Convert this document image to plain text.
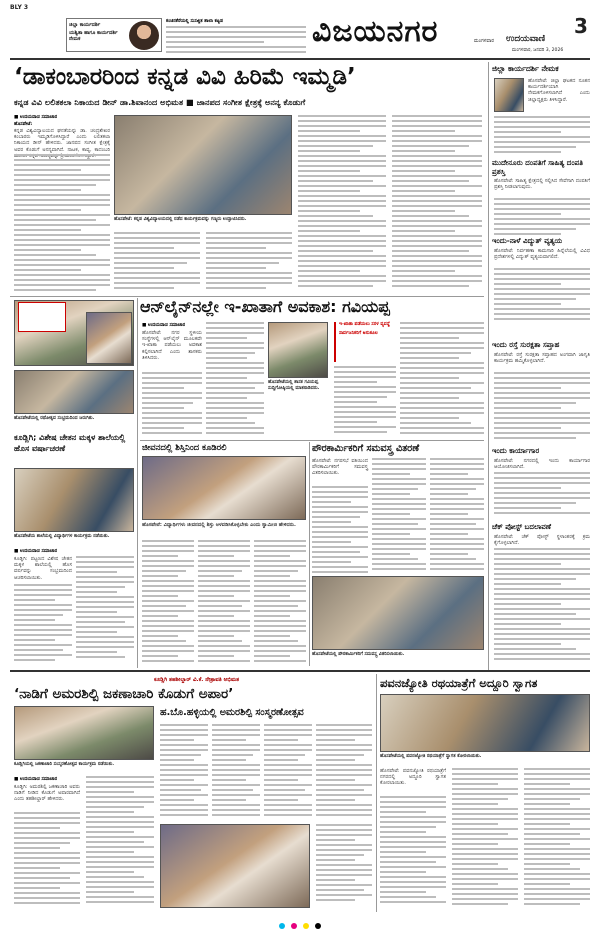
BLY 3
ಜಿಲ್ಲಾ ಕಾರ್ಯದರ್ಶಿ
ಯಶ್ವಿತಾ ಹಾಗೂ ಕಾರ್ಯದರ್ಶಿ ನೇಮಕ
ಕಂಚಿನಕೆರೆಯಲ್ಲಿ ಸುಸಜ್ಜಿತ ಶಾಲಾ ಕಟ್ಟಡ	ವಿಜಯನಗರ	3
ಮಂಗಳವಾರ ಉದಯವಾಣಿ
ಮಂಗಳವಾರ, ಜನವರಿ 3, 2026
‘ಡಾಕಂಬಾರರಿಂದ ಕನ್ನಡ ವಿವಿ ಹಿರಿಮೆ ಇಮ್ಮಡಿ’
ಕನ್ನಡ ವಿವಿ ಲಲಿತಕಲಾ ನಿಕಾಯದ ಡೀನ್ ಡಾ.ಶಿವಾನಂದ ಅಭಿಮತ ■ ಜಾನಪದ ಸಂಗೀತ ಕ್ಷೇತ್ರಕ್ಕೆ ಅನನ್ಯ ಕೊಡುಗೆ
■ ಉದಯವಾಣಿ ಸಮಾಚಾರ
ಹೊಸಪೇಟೆ:
ಕನ್ನಡ ವಿಶ್ವವಿದ್ಯಾಲಯದ ಘನತೆಯನ್ನು ಡಾ. ಚಂದ್ರಶೇಖರ ಕಂಬಾರರು ಇಮ್ಮಡಿಗೊಳಿಸಿದ್ದಾರೆ ಎಂದು ಲಲಿತಕಲಾ ನಿಕಾಯದ ಡೀನ್ ಹೇಳಿದರು. ಜಾನಪದ ಸಂಗೀತ ಕ್ಷೇತ್ರಕ್ಕೆ ಅವರ ಕೊಡುಗೆ ಅನನ್ಯವಾಗಿದೆ. ನಾಟಕ, ಕಾವ್ಯ, ಕಾದಂಬರಿ
ಹೊಸಪೇಟೆ: ಕನ್ನಡ ವಿಶ್ವವಿದ್ಯಾಲಯದಲ್ಲಿ ನಡೆದ ಕಾರ್ಯಕ್ರಮವನ್ನು ಗಣ್ಯರು ಉದ್ಘಾಟಿಸಿದರು.
ಜಿಲ್ಲಾ ಕಾರ್ಯದರ್ಶಿ ನೇಮಕ
ಹೊಸಪೇಟೆ: ಜಿಲ್ಲಾ ಘಟಕದ ನೂತನ ಕಾರ್ಯದರ್ಶಿಯಾಗಿ ನೇಮಕಗೊಳಿಸಲಾಗಿದೆ ಎಂದು ಜಿಲ್ಲಾಧ್ಯಕ್ಷರು ತಿಳಿಸಿದ್ದಾರೆ.
ಮುದೇನೂರು ದಂಪತಿಗೆ ಸಾಹಿತ್ಯ ದಂಪತಿ ಪ್ರಶಸ್ತಿ
ಹೊಸಪೇಟೆ: ಸಾಹಿತ್ಯ ಕ್ಷೇತ್ರದಲ್ಲಿ ಸಲ್ಲಿಸಿದ ಸೇವೆಗಾಗಿ ದಂಪತಿಗೆ ಪ್ರಶಸ್ತಿ ನೀಡಲಾಗುವುದು.
ಇಂದು-ನಾಳೆ ವಿದ್ಯುತ್ ವ್ಯತ್ಯಯ
ಹೊಸಪೇಟೆ: ನಿರ್ವಹಣಾ ಕಾಮಗಾರಿ ಹಿನ್ನೆಲೆಯಲ್ಲಿ ವಿವಿಧ ಪ್ರದೇಶಗಳಲ್ಲಿ ವಿದ್ಯುತ್ ವ್ಯತ್ಯಯವಾಗಲಿದೆ.
ಇಂದು ರಸ್ತೆ ಸುರಕ್ಷತಾ ಸಪ್ತಾಹ
ಹೊಸಪೇಟೆ: ರಸ್ತೆ ಸುರಕ್ಷತಾ ಸಪ್ತಾಹದ ಅಂಗವಾಗಿ ಜಾಗೃತಿ ಕಾರ್ಯಕ್ರಮ ಹಮ್ಮಿಕೊಳ್ಳಲಾಗಿದೆ.
ಇಂದು ಕಾರ್ಯಾಗಾರ
ಹೊಸಪೇಟೆ: ನಗರದಲ್ಲಿ ಇಂದು ಕಾರ್ಯಾಗಾರ ಆಯೋಜಿಸಲಾಗಿದೆ.
ಚೆಕ್ ಪೋಸ್ಟ್ ಬದಲಾವಣೆ
ಹೊಸಪೇಟೆ: ಚೆಕ್ ಪೋಸ್ಟ್ ಸ್ಥಳಾಂತರಕ್ಕೆ ಕ್ರಮ ಕೈಗೊಳ್ಳಲಾಗಿದೆ.
ಹೊಸಪೇಟೆಯಲ್ಲಿ ರಥೋತ್ಸವ ಸಂಭ್ರಮದಿಂದ ಜರುಗಿತು.
ಕೂಡ್ಲಿಗಿ; ವಿಶೇಷ ಚೇತನ ಮಕ್ಕಳ ಶಾಲೆಯಲ್ಲಿ ಹೊಸ ವರ್ಷಾಚರಣೆ
ಹೊಸಪೇಟೆಯ ಶಾಲೆಯಲ್ಲಿ ವಿದ್ಯಾರ್ಥಿಗಳ ಕಾರ್ಯಕ್ರಮ ನಡೆಯಿತು.
■ ಉದಯವಾಣಿ ಸಮಾಚಾರ
ಕೂಡ್ಲಿಗಿ: ಪಟ್ಟಣದ ವಿಶೇಷ ಚೇತನ ಮಕ್ಕಳ ಶಾಲೆಯಲ್ಲಿ ಹೊಸ ವರ್ಷವನ್ನು ಸಂಭ್ರಮದಿಂದ ಆಚರಿಸಲಾಯಿತು.
ಆನ್‌ಲೈನ್‌ನಲ್ಲೇ ಇ-ಖಾತಾಗೆ ಅವಕಾಶ: ಗವಿಯಪ್ಪ
■ ಉದಯವಾಣಿ ಸಮಾಚಾರ
ಹೊಸಪೇಟೆ: ನಗರ ಸ್ಥಳೀಯ ಸಂಸ್ಥೆಗಳಲ್ಲಿ ಆನ್‌ಲೈನ್ ಮೂಲಕವೇ ಇ-ಖಾತಾ ಪಡೆಯಲು ಅವಕಾಶ ಕಲ್ಪಿಸಲಾಗಿದೆ ಎಂದು ಶಾಸಕರು ತಿಳಿಸಿದರು.
ಹೊಸಪೇಟೆಯಲ್ಲಿ ಶಾಸಕ ಗವಿಯಪ್ಪ ಸುದ್ದಿಗೋಷ್ಠಿಯಲ್ಲಿ ಮಾತನಾಡಿದರು.
ಇ-ಖಾತಾ ಪಡೆಯಲು ಸರಳ ವ್ಯವಸ್ಥೆ
ಸಾರ್ವಜನಿಕರಿಗೆ ಅನುಕೂಲ
ಜೀವನದಲ್ಲಿ ಶಿಸ್ತಿನಿಂದ ಕೂಡಿರಲಿ
ಹೊಸಪೇಟೆ: ವಿದ್ಯಾರ್ಥಿಗಳು ಜೀವನದಲ್ಲಿ ಶಿಸ್ತು ಅಳವಡಿಸಿಕೊಳ್ಳಬೇಕು ಎಂದು ಸ್ವಾಮೀಜಿ ಹೇಳಿದರು.
ಪೌರಕಾರ್ಮಿಕರಿಗೆ ಸಮವಸ್ತ್ರ ವಿತರಣೆ
ಹೊಸಪೇಟೆ: ನಗರಸಭೆ ವತಿಯಿಂದ ಪೌರಕಾರ್ಮಿಕರಿಗೆ ಸಮವಸ್ತ್ರ ವಿತರಿಸಲಾಯಿತು.
ಹೊಸಪೇಟೆಯಲ್ಲಿ ಪೌರಕಾರ್ಮಿಕರಿಗೆ ಸಮವಸ್ತ್ರ ವಿತರಿಸಲಾಯಿತು.
ಕೂಡ್ಲಿಗಿ ತಹಶೀಲ್ದಾರ್ ವಿ.ಕೆ. ನೇತ್ರಾವತಿ ಅಭಿಮತ
‘ನಾಡಿಗೆ ಅಮರಶಿಲ್ಪಿ ಜಕಣಾಚಾರಿ ಕೊಡುಗೆ ಅಪಾರ’
ಪವನಜ್ಯೋತಿ ರಥಯಾತ್ರೆಗೆ ಅದ್ದೂರಿ ಸ್ವಾಗತ
ಕೂಡ್ಲಿಗಿಯಲ್ಲಿ ಜಕಣಾಚಾರಿ ಸಂಸ್ಮರಣೋತ್ಸವ ಕಾರ್ಯಕ್ರಮ ನಡೆಯಿತು.
■ ಉದಯವಾಣಿ ಸಮಾಚಾರ
ಕೂಡ್ಲಿಗಿ: ಅಮರಶಿಲ್ಪಿ ಜಕಣಾಚಾರಿ ಅವರು ನಾಡಿಗೆ ನೀಡಿದ ಕೊಡುಗೆ ಅಪಾರವಾಗಿದೆ ಎಂದು ತಹಶೀಲ್ದಾರ್ ಹೇಳಿದರು.
ಹ.ಬೊ.ಹಳ್ಳಿಯಲ್ಲಿ ಅಮರಶಿಲ್ಪಿ ಸಂಸ್ಮರಣೋತ್ಸವ
ಹೊಸಪೇಟೆಯಲ್ಲಿ ಪವನಜ್ಯೋತಿ ರಥಯಾತ್ರೆಗೆ ಸ್ವಾಗತ ಕೋರಲಾಯಿತು.
ಹೊಸಪೇಟೆ: ಪವನಜ್ಯೋತಿ ರಥಯಾತ್ರೆಗೆ ನಗರದಲ್ಲಿ ಅದ್ದೂರಿ ಸ್ವಾಗತ ಕೋರಲಾಯಿತು.
